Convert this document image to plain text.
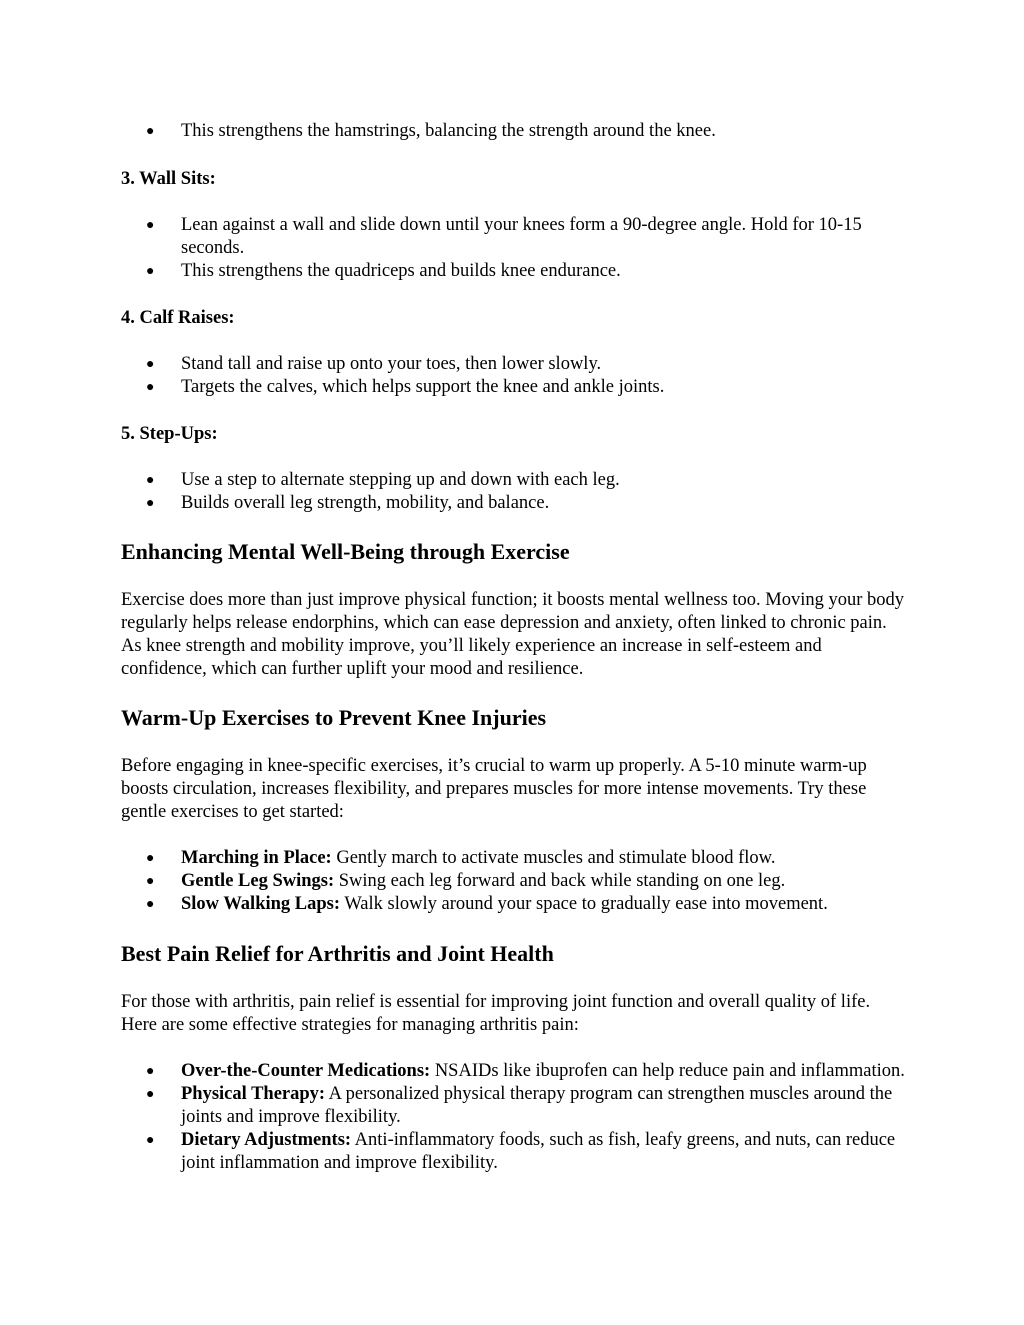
● This strengthens the hamstrings, balancing the strength around the knee.
3. Wall Sits:
● Lean against a wall and slide down until your knees form a 90-degree angle. Hold for 10-15 seconds.
● This strengthens the quadriceps and builds knee endurance.
4. Calf Raises:
● Stand tall and raise up onto your toes, then lower slowly.
● Targets the calves, which helps support the knee and ankle joints.
5. Step-Ups:
● Use a step to alternate stepping up and down with each leg.
● Builds overall leg strength, mobility, and balance.
Enhancing Mental Well-Being through Exercise
Exercise does more than just improve physical function; it boosts mental wellness too. Moving your body regularly helps release endorphins, which can ease depression and anxiety, often linked to chronic pain. As knee strength and mobility improve, you’ll likely experience an increase in self-esteem and confidence, which can further uplift your mood and resilience.
Warm-Up Exercises to Prevent Knee Injuries
Before engaging in knee-specific exercises, it’s crucial to warm up properly. A 5-10 minute warm-up boosts circulation, increases flexibility, and prepares muscles for more intense movements. Try these gentle exercises to get started:
● Marching in Place: Gently march to activate muscles and stimulate blood flow.
● Gentle Leg Swings: Swing each leg forward and back while standing on one leg.
● Slow Walking Laps: Walk slowly around your space to gradually ease into movement.
Best Pain Relief for Arthritis and Joint Health
For those with arthritis, pain relief is essential for improving joint function and overall quality of life. Here are some effective strategies for managing arthritis pain:
● Over-the-Counter Medications: NSAIDs like ibuprofen can help reduce pain and inflammation.
● Physical Therapy: A personalized physical therapy program can strengthen muscles around the joints and improve flexibility.
● Dietary Adjustments: Anti-inflammatory foods, such as fish, leafy greens, and nuts, can reduce joint inflammation and improve flexibility.
